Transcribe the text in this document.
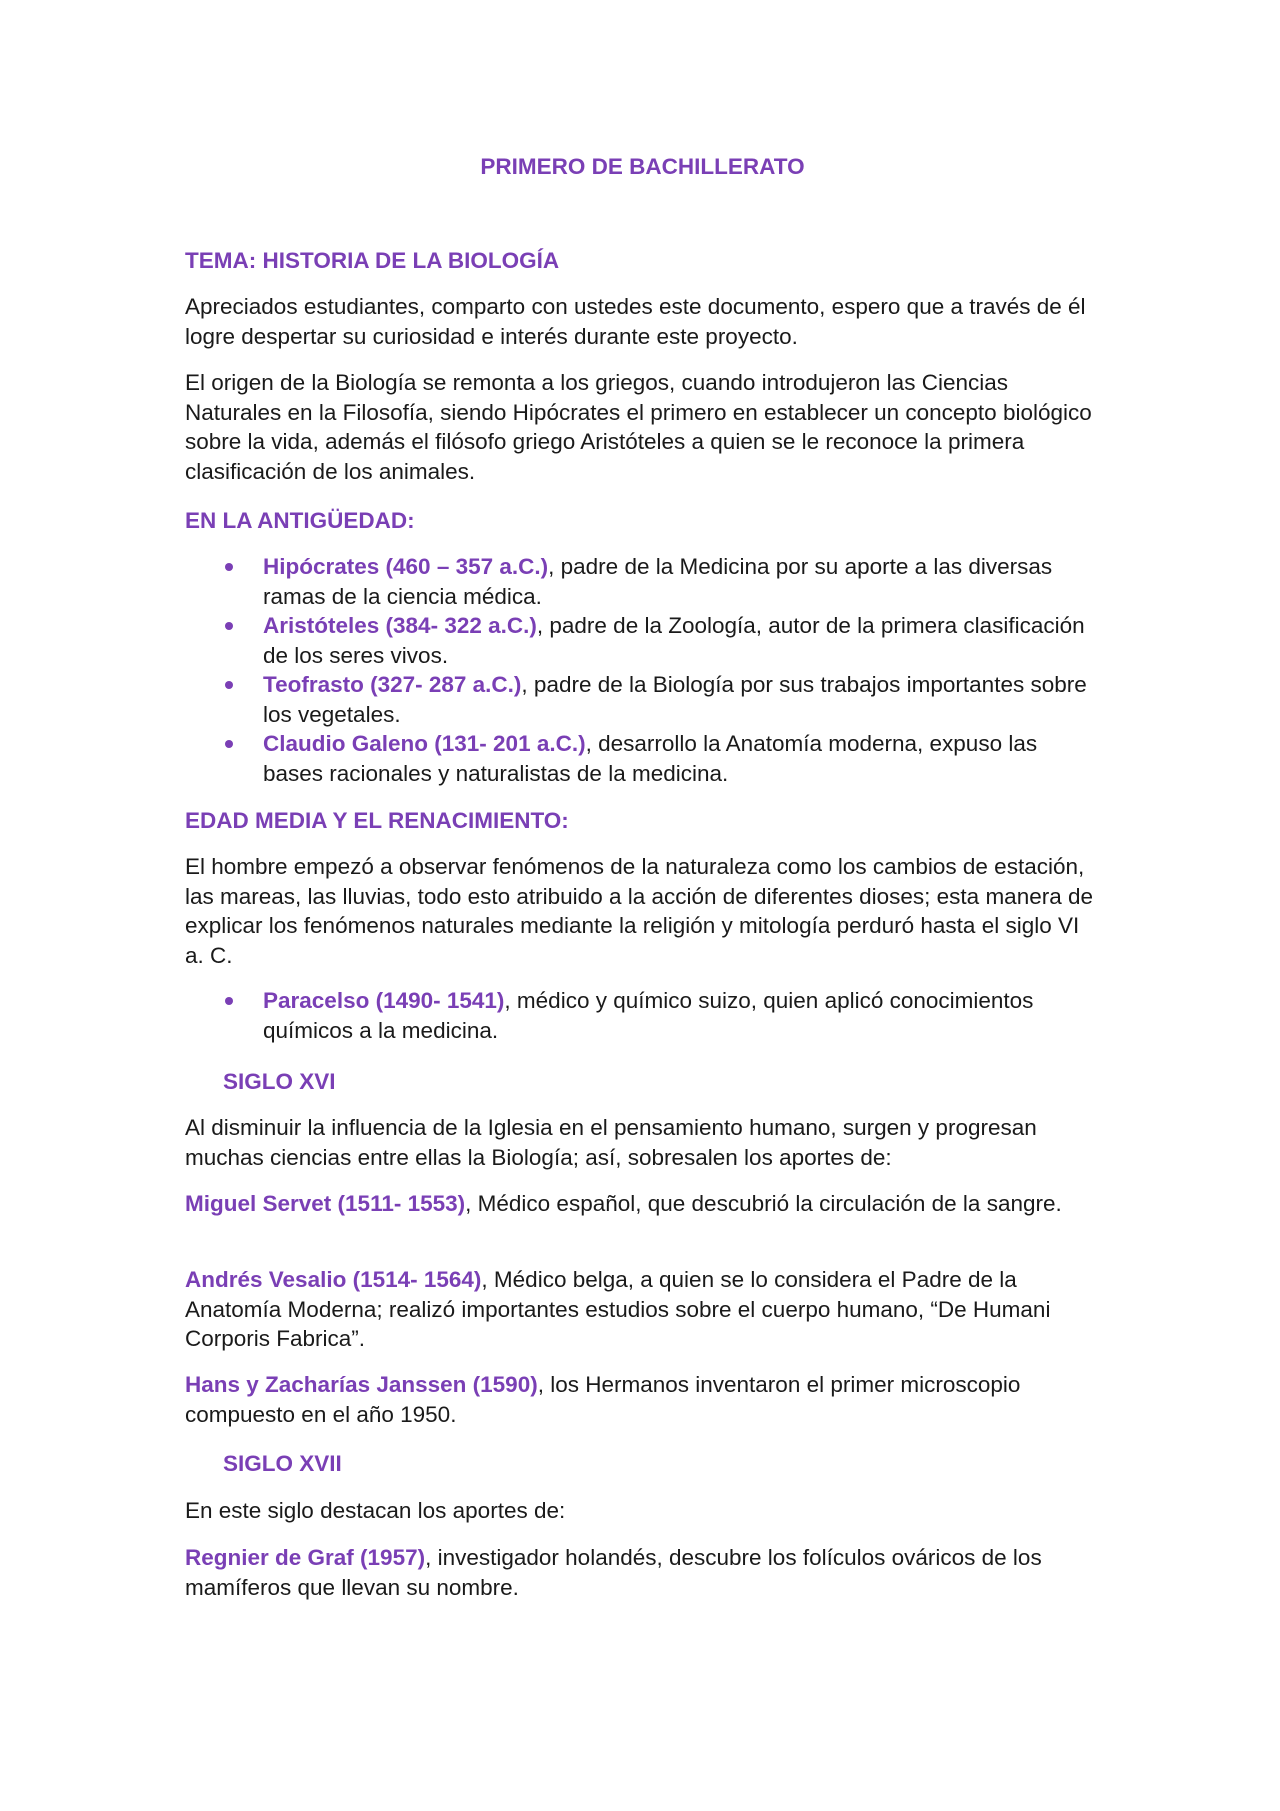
PRIMERO DE BACHILLERATO
TEMA: HISTORIA DE LA BIOLOGÍA

Apreciados estudiantes, comparto con ustedes este documento, espero que a través de él logre despertar su curiosidad e interés durante este proyecto.

El origen de la Biología se remonta a los griegos, cuando introdujeron las Ciencias Naturales en la Filosofía, siendo Hipócrates el primero en establecer un concepto biológico sobre la vida, además el filósofo griego Aristóteles a quien se le reconoce la primera clasificación de los animales.

EN LA ANTIGÜEDAD:
Hipócrates (460 – 357 a.C.), padre de la Medicina por su aporte a las diversas ramas de la ciencia médica.
Aristóteles (384- 322 a.C.), padre de la Zoología, autor de la primera clasificación de los seres vivos.
Teofrasto (327- 287 a.C.), padre de la Biología por sus trabajos importantes sobre los vegetales.
Claudio Galeno (131- 201 a.C.), desarrollo la Anatomía moderna, expuso las bases racionales y naturalistas de la medicina.
EDAD MEDIA Y EL RENACIMIENTO:

El hombre empezó a observar fenómenos de la naturaleza como los cambios de estación, las mareas, las lluvias, todo esto atribuido a la acción de diferentes dioses; esta manera de explicar los fenómenos naturales mediante la religión y mitología perduró hasta el siglo VI a. C.

Paracelso (1490- 1541), médico y químico suizo, quien aplicó conocimientos químicos a la medicina.
SIGLO XVI

Al disminuir la influencia de la Iglesia en el pensamiento humano, surgen y progresan muchas ciencias entre ellas la Biología; así, sobresalen los aportes de:

Miguel Servet (1511- 1553), Médico español, que descubrió la circulación de la sangre.

Andrés Vesalio (1514- 1564), Médico belga, a quien se lo considera el Padre de la Anatomía Moderna; realizó importantes estudios sobre el cuerpo humano, “De Humani Corporis Fabrica”.

Hans y Zacharías Janssen (1590), los Hermanos inventaron el primer microscopio compuesto en el año 1950.

SIGLO XVII

En este siglo destacan los aportes de:

Regnier de Graf (1957), investigador holandés, descubre los folículos ováricos de los mamíferos que llevan su nombre.
